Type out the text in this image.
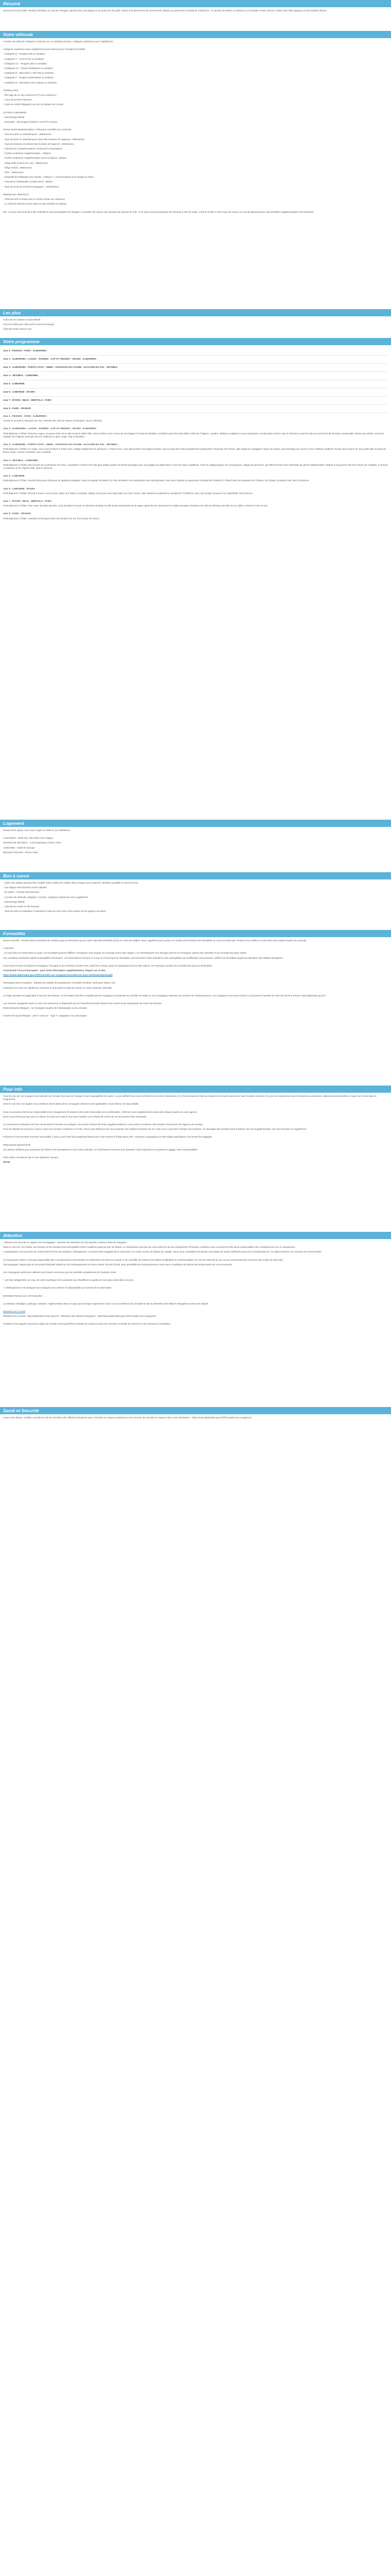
Résumé

Découvrez la très belle Alentejo (Alentejo) au sud du Portugal, réputée pour ses plages et ses parcours de golfs. Partez à la découverte de monuments classés au patrimoine mondial de l'UNESCO : le quartier de Belém à Lisbonne ou le temple romain d'Évora. Visitez des villes typiques et des pueblos blancs.

Votre véhicule

Location de véhicule catégorie A (Citroën C1 ou similaire) incluse, catégorie supérieure avec supplément.

Catégorie supérieure avec supplément (sous réserve pour connaitre les tarifs) :

- Catégorie B : Peugeot 208 ou similaire.

- Catégorie C : Ford Focus ou similaire.

- Catégorie C1 : Peugeot 308 ou similaire.

- Catégorie C2 : Citroën Multispace ou similaire.

- Catégorie D : Mercedes C 200 SW ou similaire.

- Catégorie F : Peugeot 3008 Diesel ou similaire.

- Catégorie M : Mercedes Vito 9 places ou similaire.

FORMALITÉS

- Être âgé de 21 ans minimum et 75 ans maximum.

- 2 ans de permis minimum.

- Carte de crédit obligatoire au nom du titulaire du contrat.

LE PRIX COMPREND

- Kilométrage illimité.

- Garanties : dommages (CDW) et vol (TP) incluses.

FRAIS SUPPLÉMENTAIRES À RÉGLER AUPRÈS DU LOUEUR

- Taxe de prise en main/aéroport : 25€/service.

- Taxe de prise en main/aéroport (hors des horaires de l'agence) : 30€/service.

- Taxe de livraison en dehors des horaires de l'agence : 35€/service.

- Assurances complémentaires conducteur et passagers.

- Forfait conducteur supplémentaire : 20€/jour.

- Forfait conducteur supplémentaire (max 10 €/jour) : 5€/jour.

- Siège bébé (moins de 1 an) : 35€/service.

- Siège enfant : 35€/service.

- GPS : 35€/service.

- Dispositif de télépéage (Via Verde) : 2,5€/jour + consommations à la charge du client.

- Assurance Individuelle Accident (PAI) : 6€/jour.

- Taxe de sortie de territoire (Espagne) : 120€/service.

REMISE DU VÉHICULE

- Véhicule pris et rendu avec le même niveau de carburant.

- Le véhicule doit être rendu dans un état similaire au départ.

NB : Les prix sont donnés à titre indicatif et sont susceptibles de changer. La location de voiture est calculée par période de 24h : si le client prend possession du véhicule à 10h du matin, il doit le rendre à 10h le jour de retour. En cas de dépassement, des pénalités supplémentaires sont facturées.

Les plus

Choix de vos visites en toute liberté

Parcours idéal pour découvrir le sud du Portugal

Véhicule inclus dans le prix

Votre programme
Jour 1 : FRANCE - FARO - ALBUFEIRA
Jour 2 : ALBUFEIRA - LAGOS - SAGRES - CAP ST VINCENT - SILVES - ALBUFEIRA
Jour 3 : ALBUFEIRA - PORTO COVO - SINES - SANTIAGO DO CACEM - ALCACER DO SAL - SETUBAL
Jour 4 : SETUBAL - LISBONNE
Jour 5 : LISBONNE
Jour 6 : LISBONNE - ÉVORA
Jour 7 : ÉVORA - BEJA - MERTOLA - FARO
Jour 8 : FARO - FRANCE

Jour 1 : FRANCE - FARO - ALBUFEIRA

Arrivée et accueil à l'aéroport de Faro. Remise des clés de voiture à l'aéroport. Nuit à Albufeira.

Jour 2 : ALBUFEIRA - LAGOS - SAGRES - CAP ST VINCENT - SILVES - ALBUFEIRA

Petit-déjeuner à l'hôtel. Direction Lagos, un joyau entre de la côte et de la vieille ville. Vous rendrez vous à l'une de ses plages à Ponta da Piedade considéré parmi les plus belles côtes de l'Algarve : grottes, falaises sculptées et eaux turquoises. Continuation vers le Cap St Vincent, le point le plus au sud-ouest de l'Europe continentale. Retour par Silves, ancienne capitale de l'Algarve dominée par son château en grès rouge. Nuit à Albufeira.

Jour 3 : ALBUFEIRA - PORTO COVO - SINES - SANTIAGO DO CACEM - ALCACER DO SAL - SETUBAL

Petit-déjeuner à l'hôtel. Ce matin, vous vous rendrez à Porto Covo, village traditionnel de pêcheurs. À Porto Covo, vous découvrirez ses plages isolées, tout au long des côtes parfaitement préservées. Poursuite vers Sines, ville natale du navigateur Vasco de Gama, puis Santiago do Cacem et son château médiéval. Route vers Alcacer do Sal, petite ville au bord du fleuve Sado. Arrivée à Setubal, nuit à Setubal.

Jour 4 : SETUBAL - LISBONNE

Petit-déjeuner à l'hôtel. Découverte de la péninsule de Troia, considérée comme l'une des plus belles parties de littoral portugais avec ses plages de sable blanc et de ses eaux cristallines. Arrêt au village typique de Carrasqueira, village de pêcheurs, qui offrent encore des méthodes de pêche traditionnelles. Départ le long de la côte de la Serra de Arrábida, et arrivée à Lisbonne en fin d'après-midi. Nuit à Lisbonne.

Jour 5 : LISBONNE

Petit-déjeuner à l'hôtel. Journée libre pour découvrir la capitale portugaise. Dans le quartier de Belém, la Tour de Belém et le Monastère des Hiéronymites, tous deux classés au patrimoine mondial de l'UNESCO. Flânez dans les quartiers de l'Alfama, du Chiado, du Bairro Alto. Nuit à Lisbonne.

Jour 6 : LISBONNE - ÉVORA

Petit-déjeuner à l'hôtel. Direction Évora. Sur la route, faites une halte à Arraiolos, village connu pour ses tapis faits à la main. Évora, ville classée au patrimoine mondial de l'UNESCO, avec son temple romain et sa Cathédrale. Nuit à Évora.

Jour 7 : ÉVORA - BEJA - MERTOLA - FARO

Petit-déjeuner à l'hôtel. Pour votre dernière journée, vous prendrez la route en direction de Beja, la ville la plus importante de la région après Évora. Découvrez la région du Baixo Alentejo et la ville de Mértola, perchée sur la colline. Arrivée à Faro et nuit.

Jour 8 : FARO - FRANCE

Petit-déjeuner à l'hôtel. Transfert à l'aéroport selon les horaires de vol. Envol pour la France.

Logement

Durant votre séjour, vous serez logés en hôtel 4* (ou similaires) :

ALBUFEIRA : Brisa Sol, Vila Galé Cerro Alagoa

REGION DE SETUBAL : Luna Esperança Centro Hotel

LISBONNE : Hotel 3K Europa

REGION D'ÉVORA : Évora Hotel

Bon à savoir

- Ordre des étapes pouvant être modifié mais nombre de nuitées dans chaque zone respecté. Itinéraire possible en sens inverse.

- Les étapes sont données à titre indicatif.

- En option : formule demi-pension.

- Location de véhicule catégorie A incluse, catégorie supérieure avec supplément.

- Kilométrage illimité.

- Assurances CDW et TW incluses.

- Taxe de prise et restitution à l'aéroport et taxe de rond 10% (Hors taxes) de 5% payées sur place.

Formalités

Bonne nouvelle : l'entrée dans le territoire de certains pays ne demande qu'une carte nationale d'identité (CNI) en cours de validité. Nous rappelons que la prise en compte de l'évolution des formalités ne nous incombe pas. Pensez à les vérifier 3 mois avant votre départ auprès du consulat.

A NOTER

- Si vous êtes en transit dans un pays, les formalités peuvent différer, renseignez-vous auprès du consulat avant votre départ. Les ressortissants non français doivent se renseigner auprès des autorités et du consulat des pays visités.

Les conditions sanitaires restent susceptibles d'évolution. Les informations fournies à ce jour et concernant les formalités, sont données à titre indicatif et sont susceptibles de modification sans préavis. Vérifiez les formalités auprès du Ministère des Affaires étrangères.

Concernant l'Union Européenne (Espagne, Portugal) et les territoires d'outre-mer, seuls les touristes ayant un passeport peuvent être admis. Se renseigner auprès du consulat des pays de destination.

Concernant l'Accord Européen : pour toute information supplémentaire, cliquez sur ce lien

https://www.diplomatie.gouv.fr/fr/conseils-aux-voyageurs/conseils-par-pays-destination/portugal/

Renseignements frontaliers : (tableau de validité des passeports, formalités d'entrée, tarifs pour séjour, etc).

Passeport en cours de validité (au minimum 6 mois après la date de retour) ou carte nationale d'identité.

La règle suivante est applicable à tous les formulaires : le formulaire doit être complété par les voyageurs et présenté au contrôle de santé ou à la compagnie aérienne au moment de l'embarquement. Les voyageurs sont tenus d'avoir ce document à portée de main lors de leur arrivée. www.diplomatie.gouv.fr

Les mineurs voyageant seuls ou avec une personne ne disposant pas de l'autorité parentale doivent être munis d'une autorisation de sortie du territoire.

Ressortissants étrangers : se renseigner auprès de l'ambassade ou du consulat.

COURANT ÉLECTRIQUE : 230 V et 50 Hz - Type F. Adaptateur non nécessaire.

Pour info

Tous les prix de nos voyages sont calculés sur la base d'un taux de change et sont susceptibles de varier. Le prix définitif vous sera confirmé lors de votre réservation. Ils n'incluent pas les frais de dossier et les taxes aériennes. Sauf mention contraire, les prix ne comprennent pas les boissons, pourboires, dépenses personnelles et repas non inclus dans le programme.

Dans le cas d'un vol régulier, les conditions d'annulation de la compagnie aérienne sont applicables, sous réserve de disponibilité.

Nous ne pouvons être tenus responsables d'un changement d'horaires entre votre réservation et la confirmation. Informez-vous régulièrement avant votre départ auprès de votre agence.

Nous vous informons que pour un séjour, les prix sont soumis aux taxes locales. Les enfants de moins de 18 ans peuvent être exemptés.

La convention à l'aéroport de Faro est facturée à l'arrivée et au départ, vous serez facturé des frais supplémentaires si vous arrivez en dehors des horaires d'ouverture de l'agence de location.

Pour les départs de province, il peut y avoir une escale à Lisbonne ou Porto. Nous nous efforçons de vous proposer les meilleurs horaires de vol, mais ceux-ci peuvent changer sans préavis. Un décalage des horaires peut entraîner une nuit supplémentaire, qui sera facturée en supplément.

Prévenez si vos horaires d'arrivée sont tardifs, il peut y avoir des frais supplémentaires pour votre arrivée à l'hôtel après 23h. Certaines compagnies ont des règles spécifiques concernant les bagages.

PRÉCISION DESCRIPTIF

Les photos utilisées pour présenter les hôtels et les prestations le sont à titre indicatif. Les informations fournies sont données à titre indicatif et ne sauraient engager notre responsabilité.

Votre séjour est assuré par le tour-opérateur suivant :

FRAM

Attention

* Mesures de sécurité en vigueur sur les bagages : mesures de restriction sur les liquides contenus dans les bagages.

Dans le cas d'un vol charter, les horaires et les escales sont susceptibles d'être modifiées jusqu'au jour du départ. Le transporteur est tenu de nous informer de tout changement d'horaires, toutefois nous ne pourrons être tenus responsables des conséquences de ce changement.

L'organisateur n'est pas tenu de rembourser les frais de transport, hébergement, ou autres frais engagés par le client pour se rendre au lieu de départ du voyage. Nous vous conseillons de prévoir une marge de temps suffisante pour vos correspondances. Un délai minimum de 3 heures est recommandé.

Le transporteur aérien n'est pas responsable des correspondances ferroviaires ou aériennes non liées au contrat. Il est conseillé de réserver des billets modifiables et remboursables. En cas de retard lié au vol, aucun remboursement ne pourra être exigé de notre part.

Tout passager n'ayant pas de document d'identité valide lors de l'embarquement se verra refuser l'accès à bord, sans possibilité de remboursement. Nous vous conseillons de prévoir des photocopies de vos documents.

Les compagnies aériennes utilisées sont toutes reconnues par les autorités européennes de l'aviation civile.

* Les frais obligatoires, de visa, de carte touristique et le pourboire aux chauffeurs et guides ne sont pas inclus dans nos prix.

* L'hébergement et le transport sont indiqués sous réserve de disponibilité au moment de la réservation.

INFORMATIONS AUX VOYAGEURS :

La situation climatique, politique, sanitaire, réglementaire dans un pays peut changer rapidement. Nous vous conseillons de consulter le site du Ministère des Affaires étrangères avant votre départ.

Ministère de la Santé

Ministère de la Santé : http://solidarites-sante.gouv.fr/ - Ministère des Affaires étrangères : http://www.diplomatie.gouv.fr/fr/conseils-aux-voyageurs/

Toutefois il est rappelé qu'aucune région du monde n'est aujourd'hui exempte de risques et qu'il est vivement conseillé de souscrire à une assurance annulation.

Santé et Sécurité

Avant votre départ, veuillez consulter le site du ministère des Affaires étrangères pour connaître les risques sanitaires et les mesures de sécurité en vigueur dans votre destination : https://www.diplomatie.gouv.fr/fr/conseils-aux-voyageurs/
